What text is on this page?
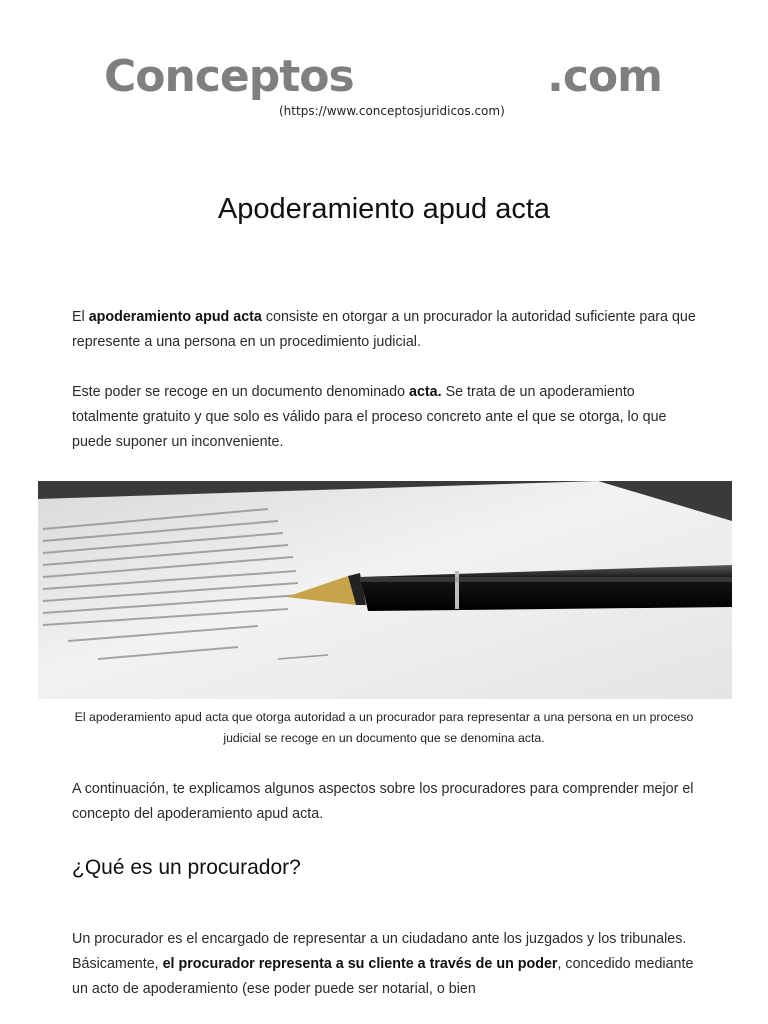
Conceptos	.com
(https://www.conceptosjuridicos.com)
Apoderamiento apud acta

El apoderamiento apud acta consiste en otorgar a un procurador la autoridad suficiente para que represente a una persona en un procedimiento judicial.

Este poder se recoge en un documento denominado acta. Se trata de un apoderamiento totalmente gratuito y que solo es válido para el proceso concreto ante el que se otorga, lo que puede suponer un inconveniente.

El apoderamiento apud acta que otorga autoridad a un procurador para representar a una persona en un proceso judicial se recoge en un documento que se denomina acta.

A continuación, te explicamos algunos aspectos sobre los procuradores para comprender mejor el concepto del apoderamiento apud acta.

¿Qué es un procurador?

Un procurador es el encargado de representar a un ciudadano ante los juzgados y los tribunales. Básicamente, el procurador representa a su cliente a través de un poder, concedido mediante un acto de apoderamiento (ese poder puede ser notarial, o bien
